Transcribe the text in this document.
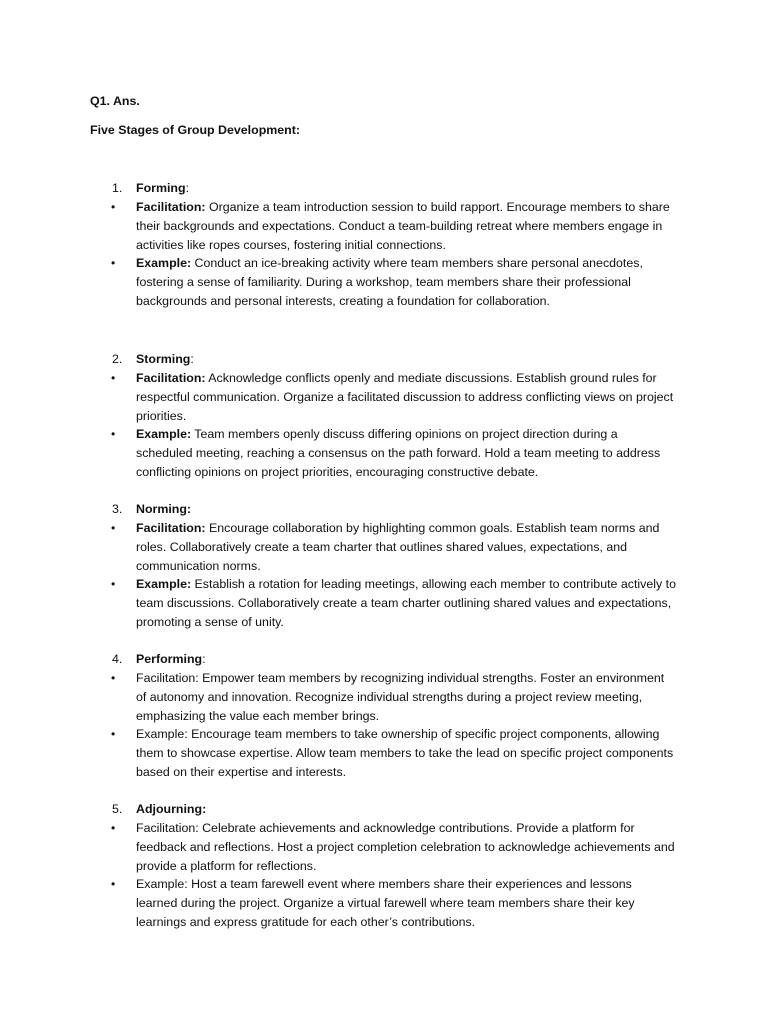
Q1. Ans.
Five Stages of Group Development:
1. Forming:
• Facilitation: Organize a team introduction session to build rapport. Encourage members to share their backgrounds and expectations. Conduct a team-building retreat where members engage in activities like ropes courses, fostering initial connections.
• Example: Conduct an ice-breaking activity where team members share personal anecdotes, fostering a sense of familiarity. During a workshop, team members share their professional backgrounds and personal interests, creating a foundation for collaboration.
2. Storming:
• Facilitation: Acknowledge conflicts openly and mediate discussions. Establish ground rules for respectful communication. Organize a facilitated discussion to address conflicting views on project priorities.
• Example: Team members openly discuss differing opinions on project direction during a scheduled meeting, reaching a consensus on the path forward. Hold a team meeting to address conflicting opinions on project priorities, encouraging constructive debate.
3. Norming:
• Facilitation: Encourage collaboration by highlighting common goals. Establish team norms and roles. Collaboratively create a team charter that outlines shared values, expectations, and communication norms.
• Example: Establish a rotation for leading meetings, allowing each member to contribute actively to team discussions. Collaboratively create a team charter outlining shared values and expectations, promoting a sense of unity.
4. Performing:
• Facilitation: Empower team members by recognizing individual strengths. Foster an environment of autonomy and innovation. Recognize individual strengths during a project review meeting, emphasizing the value each member brings.
• Example: Encourage team members to take ownership of specific project components, allowing them to showcase expertise. Allow team members to take the lead on specific project components based on their expertise and interests.
5. Adjourning:
• Facilitation: Celebrate achievements and acknowledge contributions. Provide a platform for feedback and reflections. Host a project completion celebration to acknowledge achievements and provide a platform for reflections.
• Example: Host a team farewell event where members share their experiences and lessons learned during the project. Organize a virtual farewell where team members share their key learnings and express gratitude for each other’s contributions.
